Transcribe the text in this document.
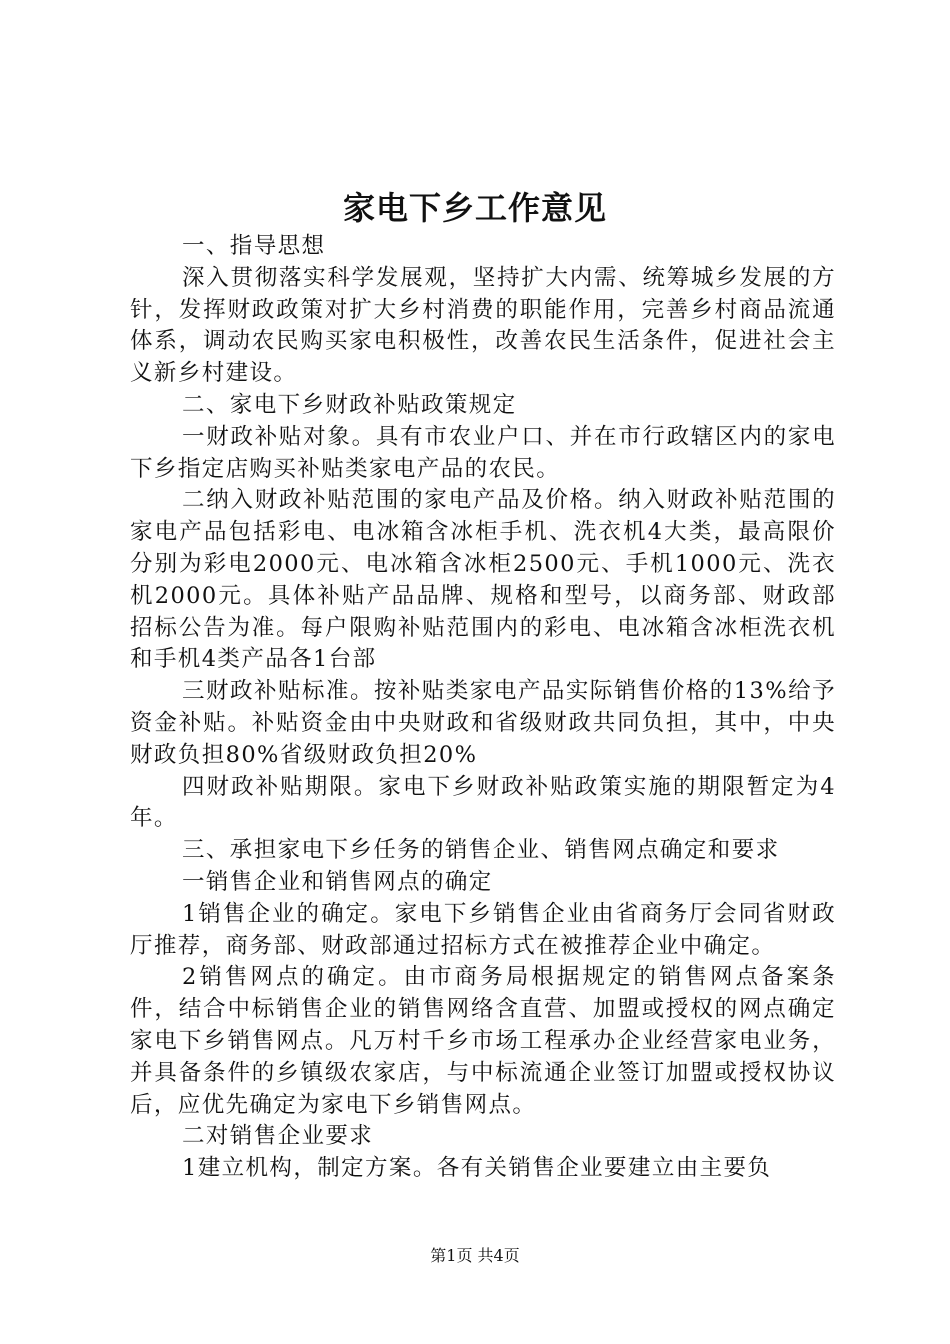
家电下乡工作意见

一、指导思想

深入贯彻落实科学发展观，坚持扩大内需、统筹城乡发展的方针，发挥财政政策对扩大乡村消费的职能作用，完善乡村商品流通体系，调动农民购买家电积极性，改善农民生活条件，促进社会主义新乡村建设。

二、家电下乡财政补贴政策规定

一财政补贴对象。具有市农业户口、并在市行政辖区内的家电下乡指定店购买补贴类家电产品的农民。

二纳入财政补贴范围的家电产品及价格。纳入财政补贴范围的家电产品包括彩电、电冰箱含冰柜手机、洗衣机4大类，最高限价分别为彩电2000元、电冰箱含冰柜2500元、手机1000元、洗衣机2000元。具体补贴产品品牌、规格和型号，以商务部、财政部招标公告为准。每户限购补贴范围内的彩电、电冰箱含冰柜洗衣机和手机4类产品各1台部

三财政补贴标准。按补贴类家电产品实际销售价格的13%给予资金补贴。补贴资金由中央财政和省级财政共同负担，其中，中央财政负担80%省级财政负担20%

四财政补贴期限。家电下乡财政补贴政策实施的期限暂定为4年。

三、承担家电下乡任务的销售企业、销售网点确定和要求

一销售企业和销售网点的确定

1销售企业的确定。家电下乡销售企业由省商务厅会同省财政厅推荐，商务部、财政部通过招标方式在被推荐企业中确定。

2销售网点的确定。由市商务局根据规定的销售网点备案条件，结合中标销售企业的销售网络含直营、加盟或授权的网点确定家电下乡销售网点。凡万村千乡市场工程承办企业经营家电业务，并具备条件的乡镇级农家店，与中标流通企业签订加盟或授权协议后，应优先确定为家电下乡销售网点。

二对销售企业要求

1建立机构，制定方案。各有关销售企业要建立由主要负

第1页 共4页
